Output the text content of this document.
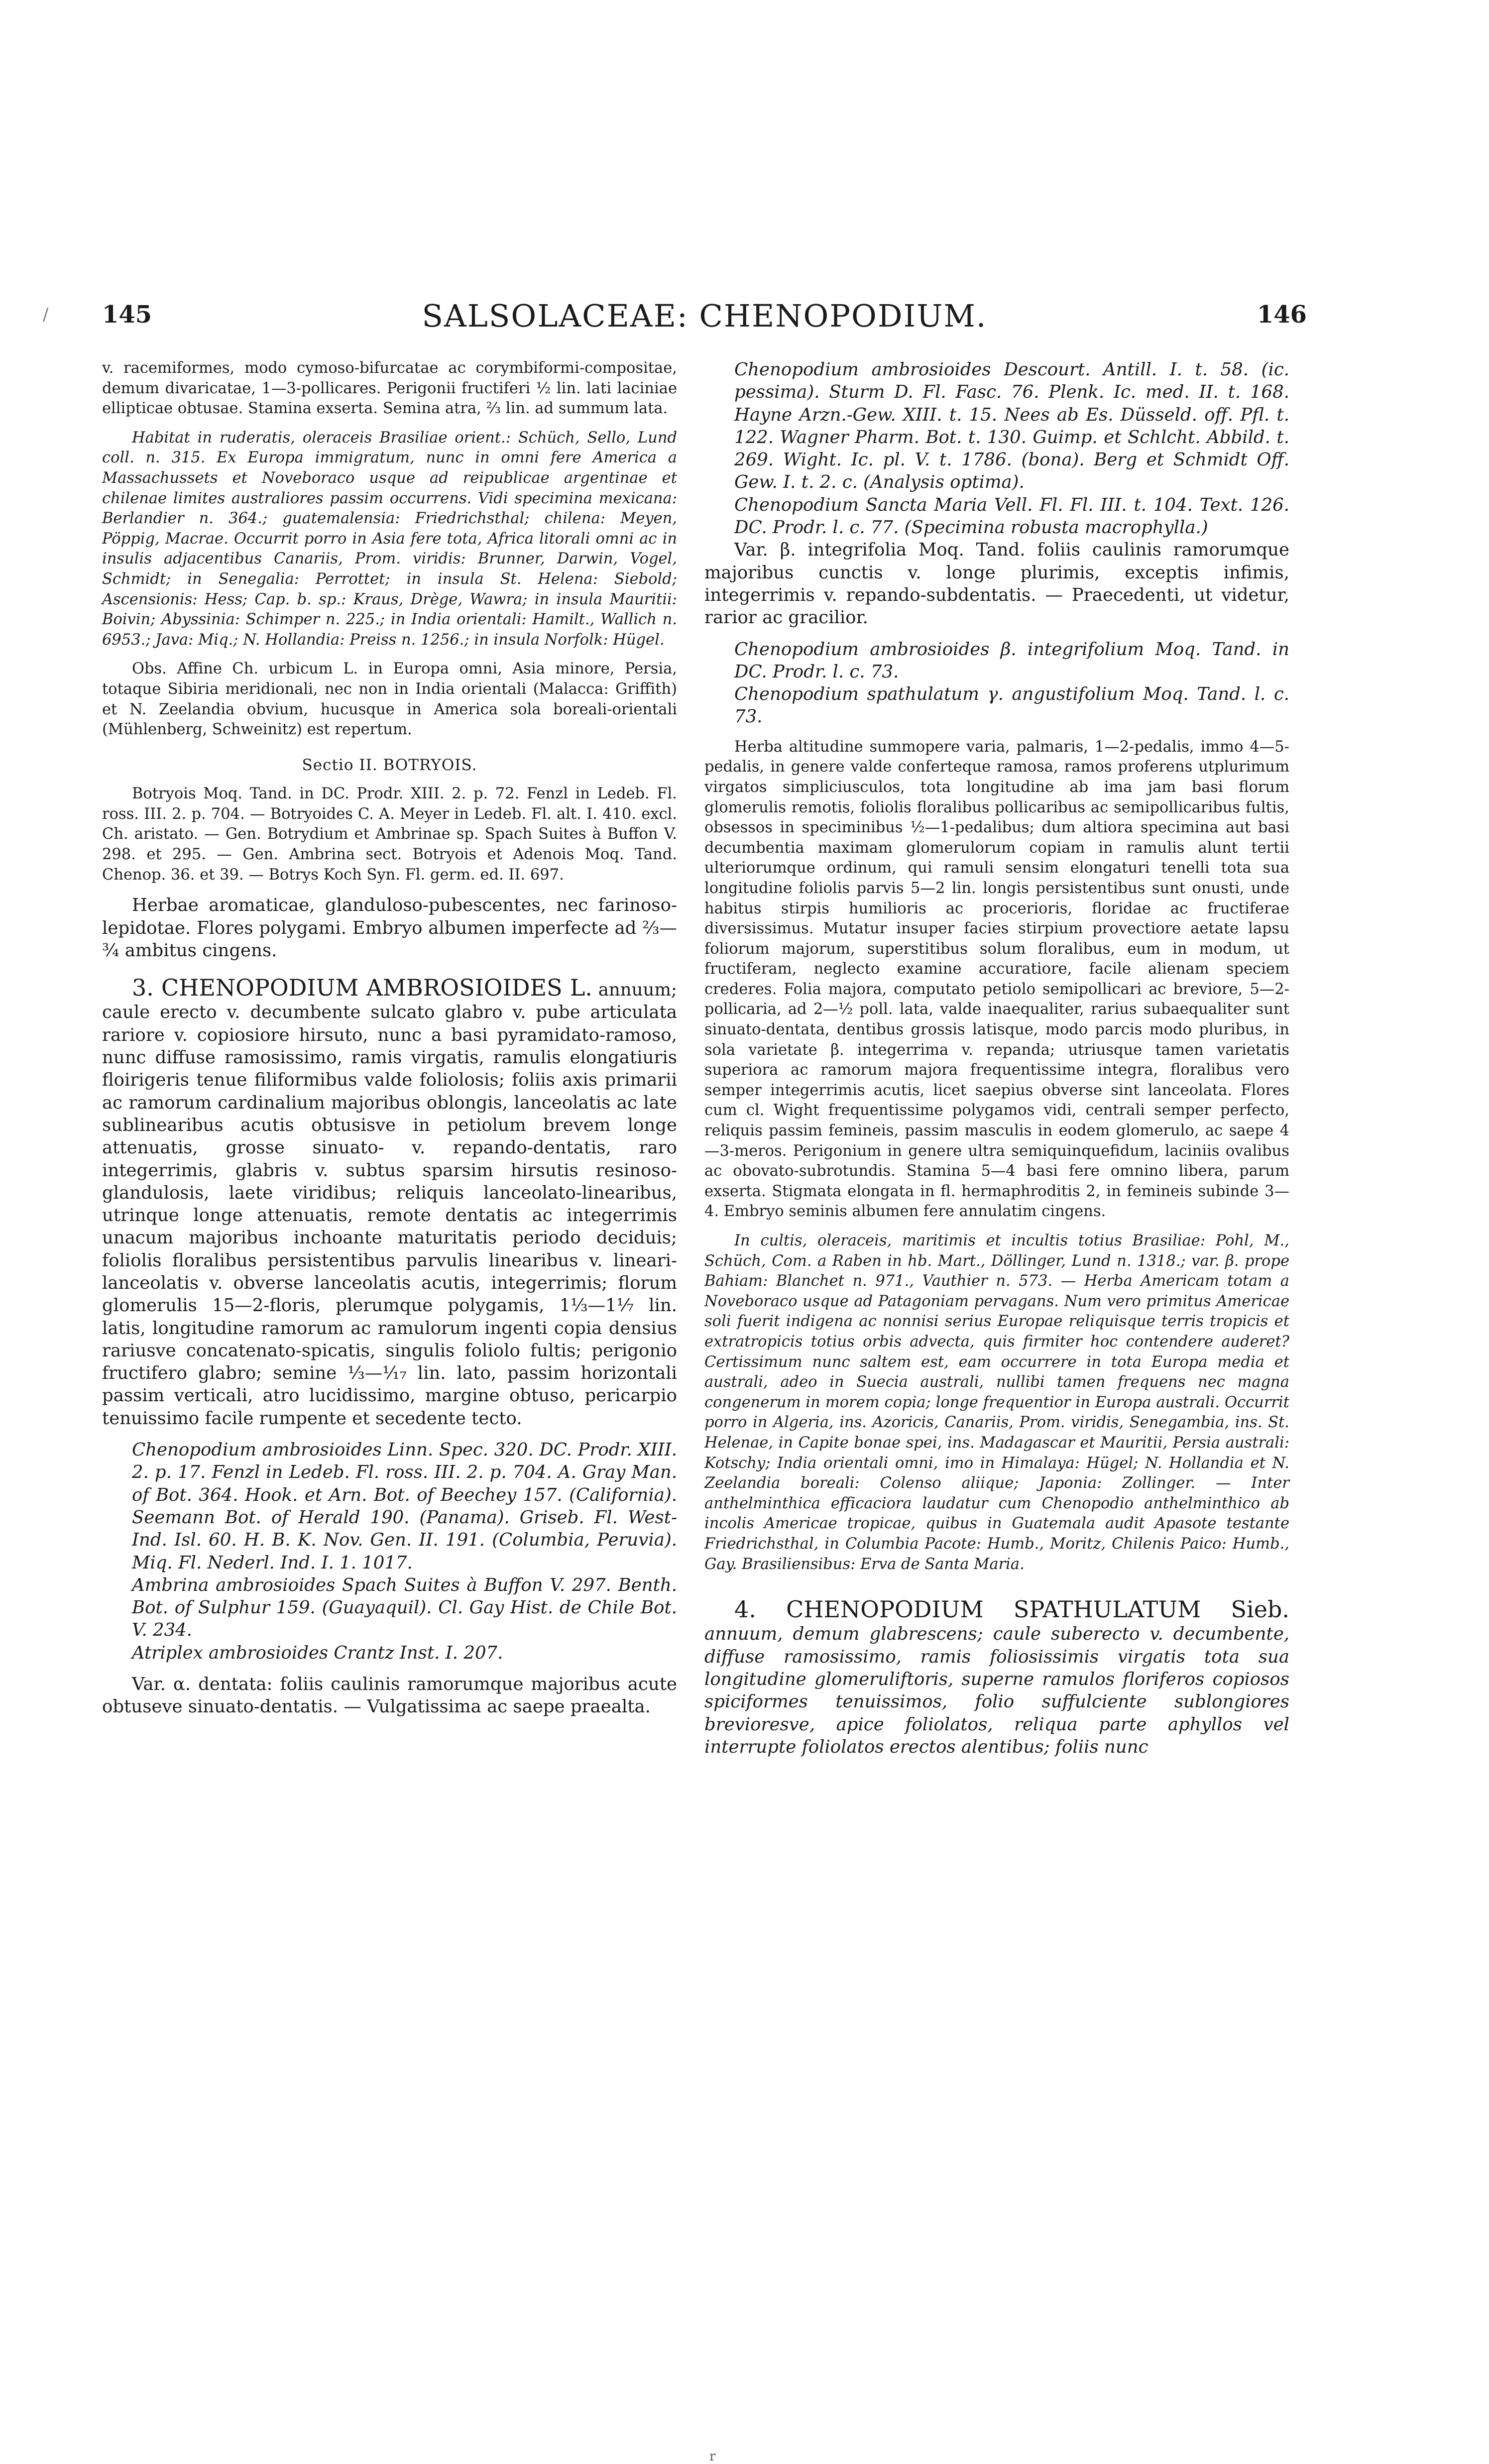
/ 145	SALSOLACEAE: CHENOPODIUM.	146

v. racemiformes, modo cymoso-bifurcatae ac corymbiformi-compositae, demum divaricatae, 1—3-pollicares. Perigonii fructiferi ½ lin. lati laciniae ellipticae obtusae. Stamina exserta. Semina atra, ⅔ lin. ad summum lata.

Habitat in ruderatis, oleraceis Brasiliae orient.: Schüch, Sello, Lund coll. n. 315. Ex Europa immigratum, nunc in omni fere America a Massachussets et Noveboraco usque ad reipublicae argentinae et chilenae limites australiores passim occurrens. Vidi specimina mexicana: Berlandier n. 364.; guatemalensia: Friedrichsthal; chilena: Meyen, Pöppig, Macrae. Occurrit porro in Asia fere tota, Africa litorali omni ac in insulis adjacentibus Canariis, Prom. viridis: Brunner, Darwin, Vogel, Schmidt; in Senegalia: Perrottet; in insula St. Helena: Siebold; Ascensionis: Hess; Cap. b. sp.: Kraus, Drège, Wawra; in insula Mauritii: Boivin; Abyssinia: Schimper n. 225.; in India orientali: Hamilt., Wallich n. 6953.; Java: Miq.; N. Hollandia: Preiss n. 1256.; in insula Norfolk: Hügel.

Obs. Affine Ch. urbicum L. in Europa omni, Asia minore, Persia, totaque Sibiria meridionali, nec non in India orientali (Malacca: Griffith) et N. Zeelandia obvium, hucusque in America sola boreali-orientali (Mühlenberg, Schweinitz) est repertum.

Sectio II. BOTRYOIS.

Botryois Moq. Tand. in DC. Prodr. XIII. 2. p. 72. Fenzl in Ledeb. Fl. ross. III. 2. p. 704. — Botryoides C. A. Meyer in Ledeb. Fl. alt. I. 410. excl. Ch. aristato. — Gen. Botrydium et Ambrinae sp. Spach Suites à Buffon V. 298. et 295. — Gen. Ambrina sect. Botryois et Adenois Moq. Tand. Chenop. 36. et 39. — Botrys Koch Syn. Fl. germ. ed. II. 697.

Herbae aromaticae, glanduloso-pubescentes, nec farinoso-lepidotae. Flores polygami. Embryo albumen imperfecte ad ⅔—¾ ambitus cingens.

3. CHENOPODIUM AMBROSIOIDES L. annuum; caule erecto v. decumbente sulcato glabro v. pube articulata rariore v. copiosiore hirsuto, nunc a basi pyramidato-ramoso, nunc diffuse ramosissimo, ramis virgatis, ramulis elongatiuris floirigeris tenue filiformibus valde foliolosis; foliis axis primarii ac ramorum cardinalium majoribus oblongis, lanceolatis ac late sublinearibus acutis obtusisve in petiolum brevem longe attenuatis, grosse sinuato- v. repando-dentatis, raro integerrimis, glabris v. subtus sparsim hirsutis resinoso-glandulosis, laete viridibus; reliquis lanceolato-linearibus, utrinque longe attenuatis, remote dentatis ac integerrimis unacum majoribus inchoante maturitatis periodo deciduis; foliolis floralibus persistentibus parvulis linearibus v. lineari-lanceolatis v. obverse lanceolatis acutis, integerrimis; florum glomerulis 15—2-floris, plerumque polygamis, 1⅓—1⅟₇ lin. latis, longitudine ramorum ac ramulorum ingenti copia densius rariusve concatenato-spicatis, singulis foliolo fultis; perigonio fructifero glabro; semine ⅓—⅟₁₇ lin. lato, passim horizontali passim verticali, atro lucidissimo, margine obtuso, pericarpio tenuissimo facile rumpente et secedente tecto.

Chenopodium ambrosioides Linn. Spec. 320. DC. Prodr. XIII. 2. p. 17. Fenzl in Ledeb. Fl. ross. III. 2. p. 704. A. Gray Man. of Bot. 364. Hook. et Arn. Bot. of Beechey 157. (California). Seemann Bot. of Herald 190. (Panama). Griseb. Fl. West-Ind. Isl. 60. H. B. K. Nov. Gen. II. 191. (Columbia, Peruvia). Miq. Fl. Nederl. Ind. I. 1. 1017.

Ambrina ambrosioides Spach Suites à Buffon V. 297. Benth. Bot. of Sulphur 159. (Guayaquil). Cl. Gay Hist. de Chile Bot. V. 234.

Atriplex ambrosioides Crantz Inst. I. 207.

Var. α. dentata: foliis caulinis ramorumque majoribus acute obtuseve sinuato-dentatis. — Vulgatissima ac saepe praealta.

Chenopodium ambrosioides Descourt. Antill. I. t. 58. (ic. pessima). Sturm D. Fl. Fasc. 76. Plenk. Ic. med. II. t. 168. Hayne Arzn.-Gew. XIII. t. 15. Nees ab Es. Düsseld. off. Pfl. t. 122. Wagner Pharm. Bot. t. 130. Guimp. et Schlcht. Abbild. t. 269. Wight. Ic. pl. V. t. 1786. (bona). Berg et Schmidt Off. Gew. I. t. 2. c. (Analysis optima).

Chenopodium Sancta Maria Vell. Fl. Fl. III. t. 104. Text. 126. DC. Prodr. l. c. 77. (Specimina robusta macrophylla.)

Var. β. integrifolia Moq. Tand. foliis caulinis ramorumque majoribus cunctis v. longe plurimis, exceptis infimis, integerrimis v. repando-subdentatis. — Praecedenti, ut videtur, rarior ac gracilior.

Chenopodium ambrosioides β. integrifolium Moq. Tand. in DC. Prodr. l. c. 73.

Chenopodium spathulatum γ. angustifolium Moq. Tand. l. c. 73.

Herba altitudine summopere varia, palmaris, 1—2-pedalis, immo 4—5-pedalis, in genere valde conferteque ramosa, ramos proferens utplurimum virgatos simpliciusculos, tota longitudine ab ima jam basi florum glomerulis remotis, foliolis floralibus pollicaribus ac semipollicaribus fultis, obsessos in speciminibus ½—1-pedalibus; dum altiora specimina aut basi decumbentia maximam glomerulorum copiam in ramulis alunt tertii ulteriorumque ordinum, qui ramuli sensim elongaturi tenelli tota sua longitudine foliolis parvis 5—2 lin. longis persistentibus sunt onusti, unde habitus stirpis humilioris ac procerioris, floridae ac fructiferae diversissimus. Mutatur insuper facies stirpium provectiore aetate lapsu foliorum majorum, superstitibus solum floralibus, eum in modum, ut fructiferam, neglecto examine accuratiore, facile alienam speciem crederes. Folia majora, computato petiolo semipollicari ac breviore, 5—2-pollicaria, ad 2—½ poll. lata, valde inaequaliter, rarius subaequaliter sunt sinuato-dentata, dentibus grossis latisque, modo parcis modo pluribus, in sola varietate β. integerrima v. repanda; utriusque tamen varietatis superiora ac ramorum majora frequentissime integra, floralibus vero semper integerrimis acutis, licet saepius obverse sint lanceolata. Flores cum cl. Wight frequentissime polygamos vidi, centrali semper perfecto, reliquis passim femineis, passim masculis in eodem glomerulo, ac saepe 4—3-meros. Perigonium in genere ultra semiquinquefidum, laciniis ovalibus ac obovato-subrotundis. Stamina 5—4 basi fere omnino libera, parum exserta. Stigmata elongata in fl. hermaphroditis 2, in femineis subinde 3—4. Embryo seminis albumen fere annulatim cingens.

In cultis, oleraceis, maritimis et incultis totius Brasiliae: Pohl, M., Schüch, Com. a Raben in hb. Mart., Döllinger, Lund n. 1318.; var. β. prope Bahiam: Blanchet n. 971., Vauthier n. 573. — Herba Americam totam a Noveboraco usque ad Patagoniam pervagans. Num vero primitus Americae soli fuerit indigena ac nonnisi serius Europae reliquisque terris tropicis et extratropicis totius orbis advecta, quis firmiter hoc contendere auderet? Certissimum nunc saltem est, eam occurrere in tota Europa media et australi, adeo in Suecia australi, nullibi tamen frequens nec magna congenerum in morem copia; longe frequentior in Europa australi. Occurrit porro in Algeria, ins. Azoricis, Canariis, Prom. viridis, Senegambia, ins. St. Helenae, in Capite bonae spei, ins. Madagascar et Mauritii, Persia australi: Kotschy; India orientali omni, imo in Himalaya: Hügel; N. Hollandia et N. Zeelandia boreali: Colenso aliique; Japonia: Zollinger. — Inter anthelminthica efficaciora laudatur cum Chenopodio anthelminthico ab incolis Americae tropicae, quibus in Guatemala audit Apasote testante Friedrichsthal, in Columbia Pacote: Humb., Moritz, Chilenis Paico: Humb., Gay. Brasiliensibus: Erva de Santa Maria.

4. CHENOPODIUM SPATHULATUM Sieb. annuum, demum glabrescens; caule suberecto v. decumbente, diffuse ramosissimo, ramis foliosissimis virgatis tota sua longitudine glomeruliftoris, superne ramulos floriferos copiosos spiciformes tenuissimos, folio suffulciente sublongiores brevioresve, apice foliolatos, reliqua parte aphyllos vel interrupte foliolatos erectos alentibus; foliis nunc

r
